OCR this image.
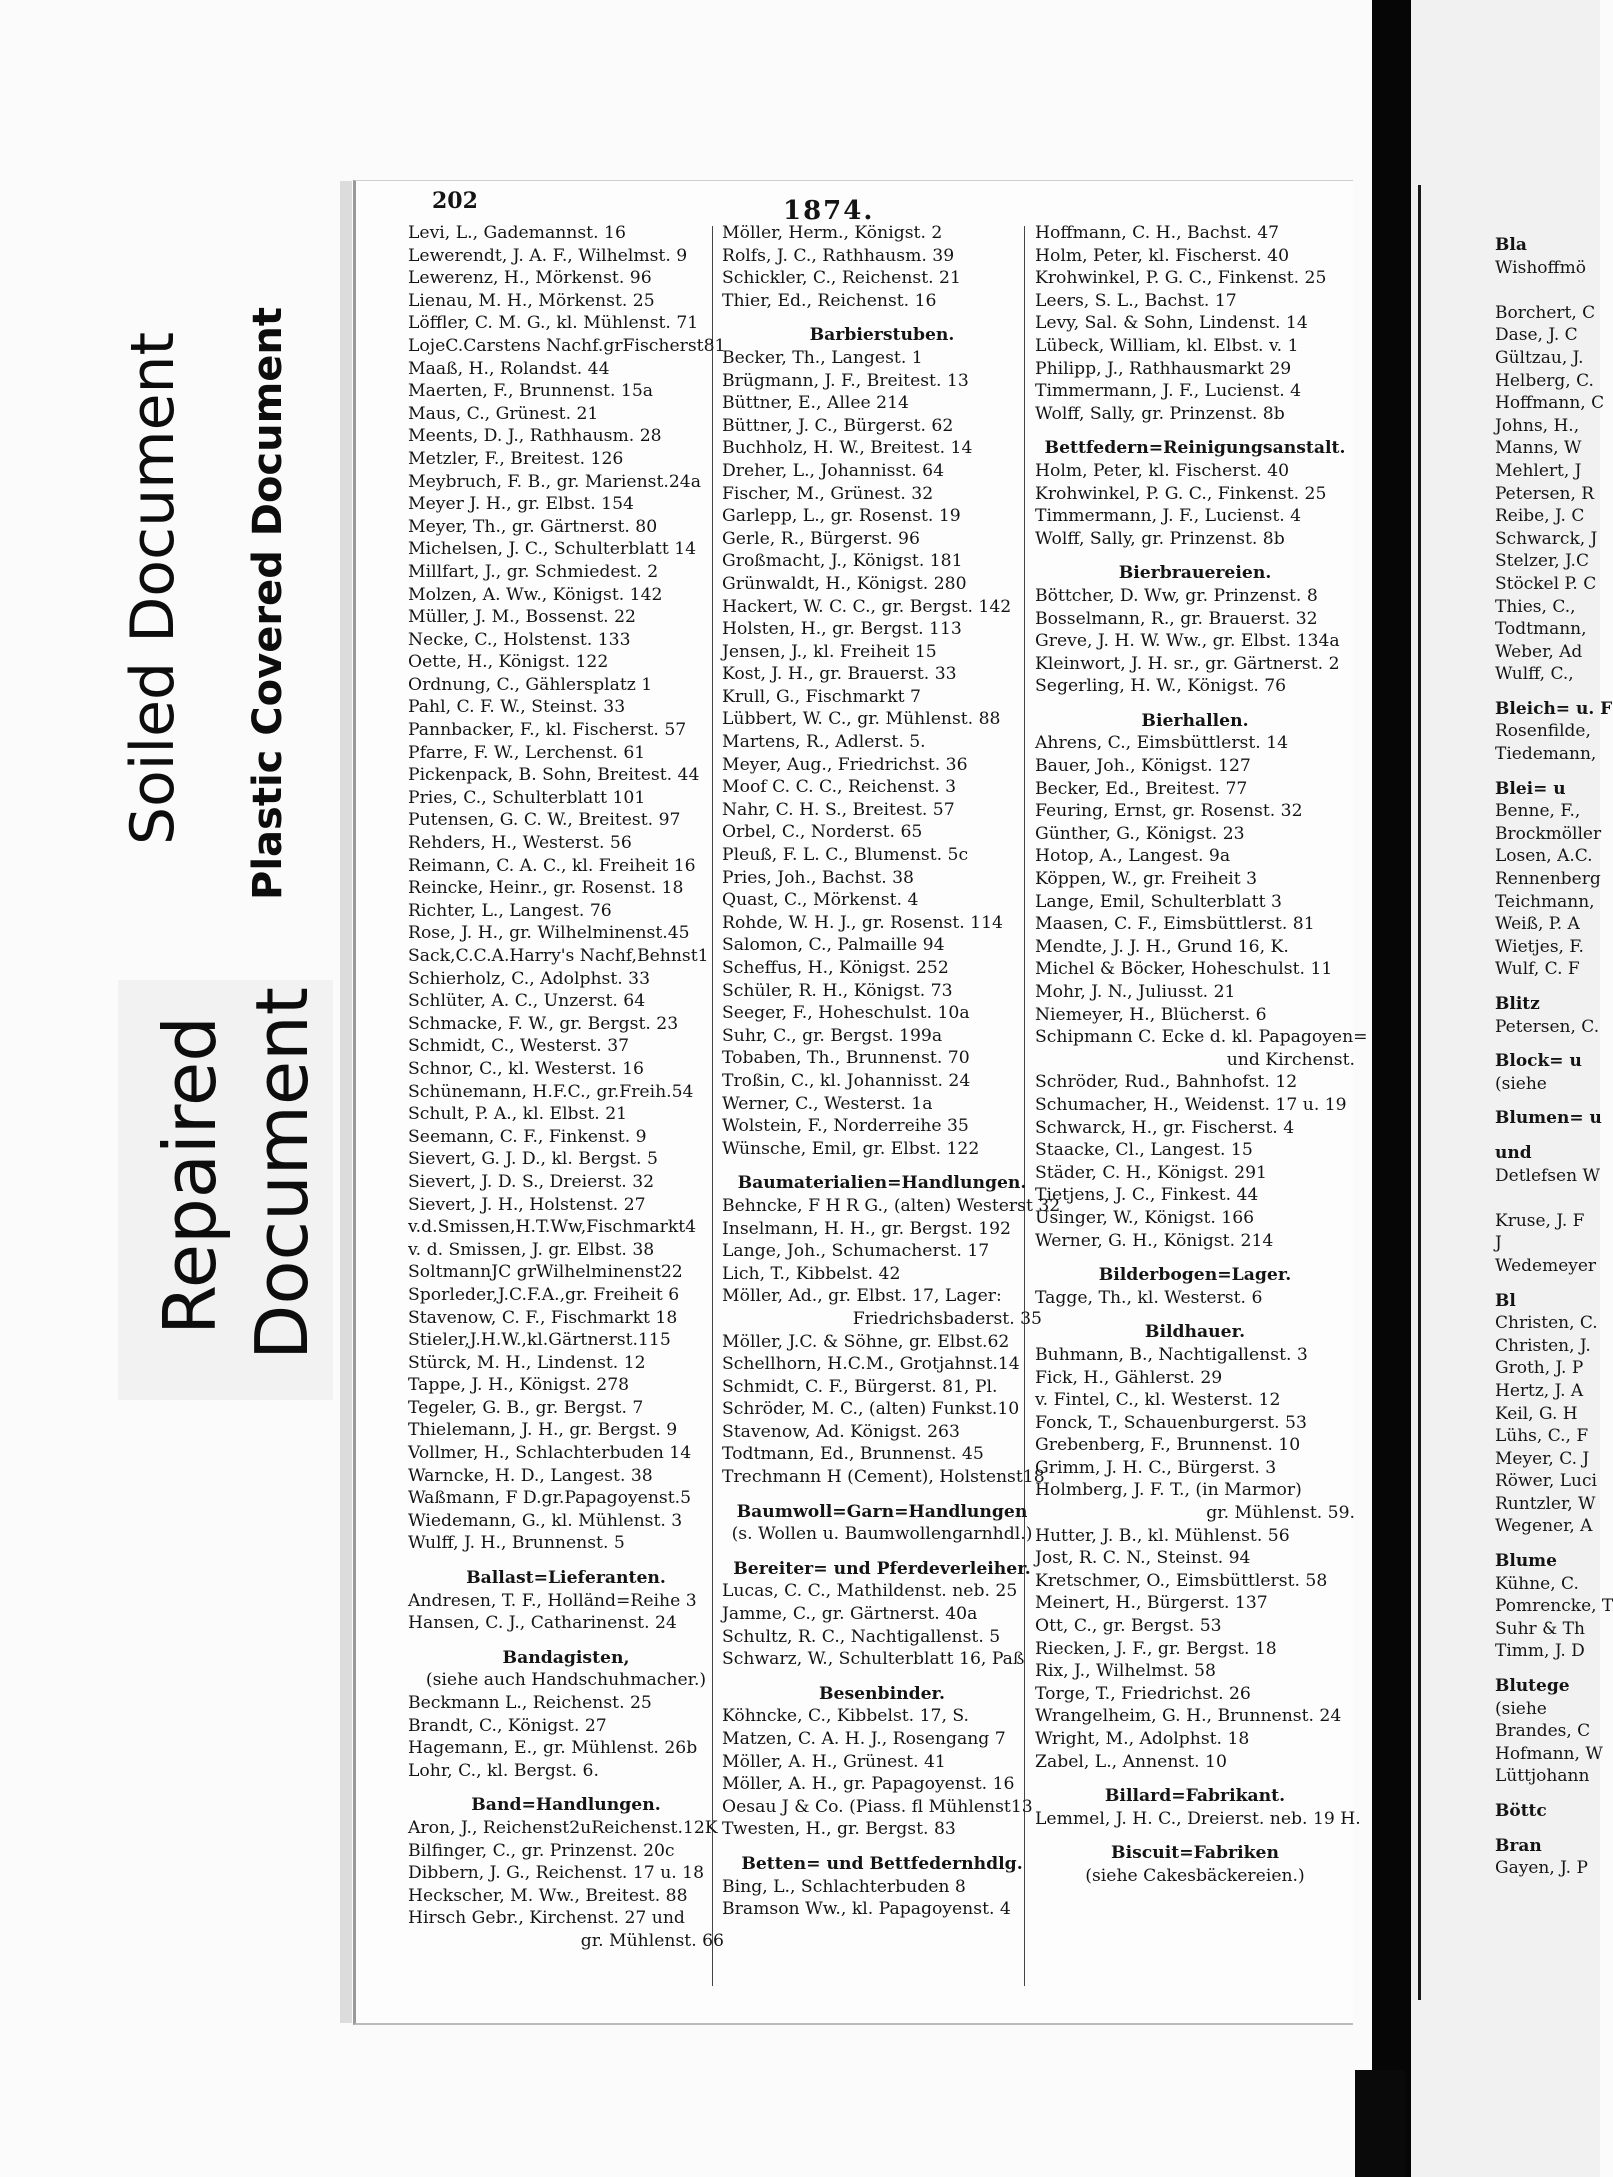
Soiled Document Plastic Covered Document
Repaired Document
202	1874.
Levi, L., Gademannst. 16
Lewerendt, J. A. F., Wilhelmst. 9
Lewerenz, H., Mörkenst. 96
Lienau, M. H., Mörkenst. 25
Löffler, C. M. G., kl. Mühlenst. 71
LojeC.Carstens Nachf.grFischerst81
Maaß, H., Rolandst. 44
Maerten, F., Brunnenst. 15a
Maus, C., Grünest. 21
Meents, D. J., Rathhausm. 28
Metzler, F., Breitest. 126
Meybruch, F. B., gr. Marienst.24a
Meyer J. H., gr. Elbst. 154
Meyer, Th., gr. Gärtnerst. 80
Michelsen, J. C., Schulterblatt 14
Millfart, J., gr. Schmiedest. 2
Molzen, A. Ww., Königst. 142
Müller, J. M., Bossenst. 22
Necke, C., Holstenst. 133
Oette, H., Königst. 122
Ordnung, C., Gählersplatz 1
Pahl, C. F. W., Steinst. 33
Pannbacker, F., kl. Fischerst. 57
Pfarre, F. W., Lerchenst. 61
Pickenpack, B. Sohn, Breitest. 44
Pries, C., Schulterblatt 101
Putensen, G. C. W., Breitest. 97
Rehders, H., Westerst. 56
Reimann, C. A. C., kl. Freiheit 16
Reincke, Heinr., gr. Rosenst. 18
Richter, L., Langest. 76
Rose, J. H., gr. Wilhelminenst.45
Sack,C.C.A.Harry's Nachf,Behnst1
Schierholz, C., Adolphst. 33
Schlüter, A. C., Unzerst. 64
Schmacke, F. W., gr. Bergst. 23
Schmidt, C., Westerst. 37
Schnor, C., kl. Westerst. 16
Schünemann, H.F.C., gr.Freih.54
Schult, P. A., kl. Elbst. 21
Seemann, C. F., Finkenst. 9
Sievert, G. J. D., kl. Bergst. 5
Sievert, J. D. S., Dreierst. 32
Sievert, J. H., Holstenst. 27
v.d.Smissen,H.T.Ww,Fischmarkt4
v. d. Smissen, J. gr. Elbst. 38
SoltmannJC grWilhelminenst22
Sporleder,J.C.F.A.,gr. Freiheit 6
Stavenow, C. F., Fischmarkt 18
Stieler,J.H.W.,kl.Gärtnerst.115
Stürck, M. H., Lindenst. 12
Tappe, J. H., Königst. 278
Tegeler, G. B., gr. Bergst. 7
Thielemann, J. H., gr. Bergst. 9
Vollmer, H., Schlachterbuden 14
Warncke, H. D., Langest. 38
Waßmann, F D.gr.Papagoyenst.5
Wiedemann, G., kl. Mühlenst. 3
Wulff, J. H., Brunnenst. 5
Ballast=Lieferanten.
Andresen, T. F., Holländ=Reihe 3
Hansen, C. J., Catharinenst. 24
Bandagisten,
(siehe auch Handschuhmacher.)
Beckmann L., Reichenst. 25
Brandt, C., Königst. 27
Hagemann, E., gr. Mühlenst. 26b
Lohr, C., kl. Bergst. 6.
Band=Handlungen.
Aron, J., Reichenst2uReichenst.12K
Bilfinger, C., gr. Prinzenst. 20c
Dibbern, J. G., Reichenst. 17 u. 18
Heckscher, M. Ww., Breitest. 88
Hirsch Gebr., Kirchenst. 27 und
gr. Mühlenst. 66
Möller, Herm., Königst. 2
Rolfs, J. C., Rathhausm. 39
Schickler, C., Reichenst. 21
Thier, Ed., Reichenst. 16
Barbierstuben.
Becker, Th., Langest. 1
Brügmann, J. F., Breitest. 13
Büttner, E., Allee 214
Büttner, J. C., Bürgerst. 62
Buchholz, H. W., Breitest. 14
Dreher, L., Johannisst. 64
Fischer, M., Grünest. 32
Garlepp, L., gr. Rosenst. 19
Gerle, R., Bürgerst. 96
Großmacht, J., Königst. 181
Grünwaldt, H., Königst. 280
Hackert, W. C. C., gr. Bergst. 142
Holsten, H., gr. Bergst. 113
Jensen, J., kl. Freiheit 15
Kost, J. H., gr. Brauerst. 33
Krull, G., Fischmarkt 7
Lübbert, W. C., gr. Mühlenst. 88
Martens, R., Adlerst. 5.
Meyer, Aug., Friedrichst. 36
Moof C. C. C., Reichenst. 3
Nahr, C. H. S., Breitest. 57
Orbel, C., Norderst. 65
Pleuß, F. L. C., Blumenst. 5c
Pries, Joh., Bachst. 38
Quast, C., Mörkenst. 4
Rohde, W. H. J., gr. Rosenst. 114
Salomon, C., Palmaille 94
Scheffus, H., Königst. 252
Schüler, R. H., Königst. 73
Seeger, F., Hoheschulst. 10a
Suhr, C., gr. Bergst. 199a
Tobaben, Th., Brunnenst. 70
Troßin, C., kl. Johannisst. 24
Werner, C., Westerst. 1a
Wolstein, F., Norderreihe 35
Wünsche, Emil, gr. Elbst. 122
Baumaterialien=Handlungen.
Behncke, F H R G., (alten) Westerst 32
Inselmann, H. H., gr. Bergst. 192
Lange, Joh., Schumacherst. 17
Lich, T., Kibbelst. 42
Möller, Ad., gr. Elbst. 17, Lager:
Friedrichsbaderst. 35
Möller, J.C. & Söhne, gr. Elbst.62
Schellhorn, H.C.M., Grotjahnst.14
Schmidt, C. F., Bürgerst. 81, Pl.
Schröder, M. C., (alten) Funkst.10
Stavenow, Ad. Königst. 263
Todtmann, Ed., Brunnenst. 45
Trechmann H (Cement), Holstenst18
Baumwoll=Garn=Handlungen
(s. Wollen u. Baumwollengarnhdl.)
Bereiter= und Pferdeverleiher.
Lucas, C. C., Mathildenst. neb. 25
Jamme, C., gr. Gärtnerst. 40a
Schultz, R. C., Nachtigallenst. 5
Schwarz, W., Schulterblatt 16, Paß
Besenbinder.
Köhncke, C., Kibbelst. 17, S.
Matzen, C. A. H. J., Rosengang 7
Möller, A. H., Grünest. 41
Möller, A. H., gr. Papagoyenst. 16
Oesau J & Co. (Piass. fl Mühlenst13
Twesten, H., gr. Bergst. 83
Betten= und Bettfedernhdlg.
Bing, L., Schlachterbuden 8
Bramson Ww., kl. Papagoyenst. 4
Hoffmann, C. H., Bachst. 47
Holm, Peter, kl. Fischerst. 40
Krohwinkel, P. G. C., Finkenst. 25
Leers, S. L., Bachst. 17
Levy, Sal. & Sohn, Lindenst. 14
Lübeck, William, kl. Elbst. v. 1
Philipp, J., Rathhausmarkt 29
Timmermann, J. F., Lucienst. 4
Wolff, Sally, gr. Prinzenst. 8b
Bettfedern=Reinigungsanstalt.
Holm, Peter, kl. Fischerst. 40
Krohwinkel, P. G. C., Finkenst. 25
Timmermann, J. F., Lucienst. 4
Wolff, Sally, gr. Prinzenst. 8b
Bierbrauereien.
Böttcher, D. Ww, gr. Prinzenst. 8
Bosselmann, R., gr. Brauerst. 32
Greve, J. H. W. Ww., gr. Elbst. 134a
Kleinwort, J. H. sr., gr. Gärtnerst. 2
Segerling, H. W., Königst. 76
Bierhallen.
Ahrens, C., Eimsbüttlerst. 14
Bauer, Joh., Königst. 127
Becker, Ed., Breitest. 77
Feuring, Ernst, gr. Rosenst. 32
Günther, G., Königst. 23
Hotop, A., Langest. 9a
Köppen, W., gr. Freiheit 3
Lange, Emil, Schulterblatt 3
Maasen, C. F., Eimsbüttlerst. 81
Mendte, J. J. H., Grund 16, K.
Michel & Böcker, Hoheschulst. 11
Mohr, J. N., Juliusst. 21
Niemeyer, H., Blücherst. 6
Schipmann C. Ecke d. kl. Papagoyen=
und Kirchenst.
Schröder, Rud., Bahnhofst. 12
Schumacher, H., Weidenst. 17 u. 19
Schwarck, H., gr. Fischerst. 4
Staacke, Cl., Langest. 15
Städer, C. H., Königst. 291
Tietjens, J. C., Finkest. 44
Usinger, W., Königst. 166
Werner, G. H., Königst. 214
Bilderbogen=Lager.
Tagge, Th., kl. Westerst. 6
Bildhauer.
Buhmann, B., Nachtigallenst. 3
Fick, H., Gählerst. 29
v. Fintel, C., kl. Westerst. 12
Fonck, T., Schauenburgerst. 53
Grebenberg, F., Brunnenst. 10
Grimm, J. H. C., Bürgerst. 3
Holmberg, J. F. T., (in Marmor)
gr. Mühlenst. 59.
Hutter, J. B., kl. Mühlenst. 56
Jost, R. C. N., Steinst. 94
Kretschmer, O., Eimsbüttlerst. 58
Meinert, H., Bürgerst. 137
Ott, C., gr. Bergst. 53
Riecken, J. F., gr. Bergst. 18
Rix, J., Wilhelmst. 58
Torge, T., Friedrichst. 26
Wrangelheim, G. H., Brunnenst. 24
Wright, M., Adolphst. 18
Zabel, L., Annenst. 10
Billard=Fabrikant.
Lemmel, J. H. C., Dreierst. neb. 19 H.
Biscuit=Fabriken
(siehe Cakesbäckereien.)
Bla
Wishoffmö

Borchert, C
Dase, J. C
Gültzau, J.
Helberg, C.
Hoffmann, C
Johns, H.,
Manns, W
Mehlert, J
Petersen, R
Reibe, J. C
Schwarck, J
Stelzer, J.C
Stöckel P. C
Thies, C.,
Todtmann,
Weber, Ad
Wulff, C.,
Bleich= u. F
Rosenfilde,
Tiedemann,
Blei= u
Benne, F.,
Brockmöller
Losen, A.C.
Rennenberg
Teichmann,
Weiß, P. A
Wietjes, F.
Wulf, C. F
Blitz
Petersen, C.
Block= u
(siehe
Blumen= u
und
Detlefsen W

Kruse, J. F
J
Wedemeyer
Bl
Christen, C.
Christen, J.
Groth, J. P
Hertz, J. A
Keil, G. H
Lühs, C., F
Meyer, C. J
Röwer, Luci
Runtzler, W
Wegener, A
Blume
Kühne, C.
Pomrencke, T
Suhr & Th
Timm, J. D
Blutege
(siehe
Brandes, C
Hofmann, W
Lüttjohann
Böttc
Bran
Gayen, J. P
